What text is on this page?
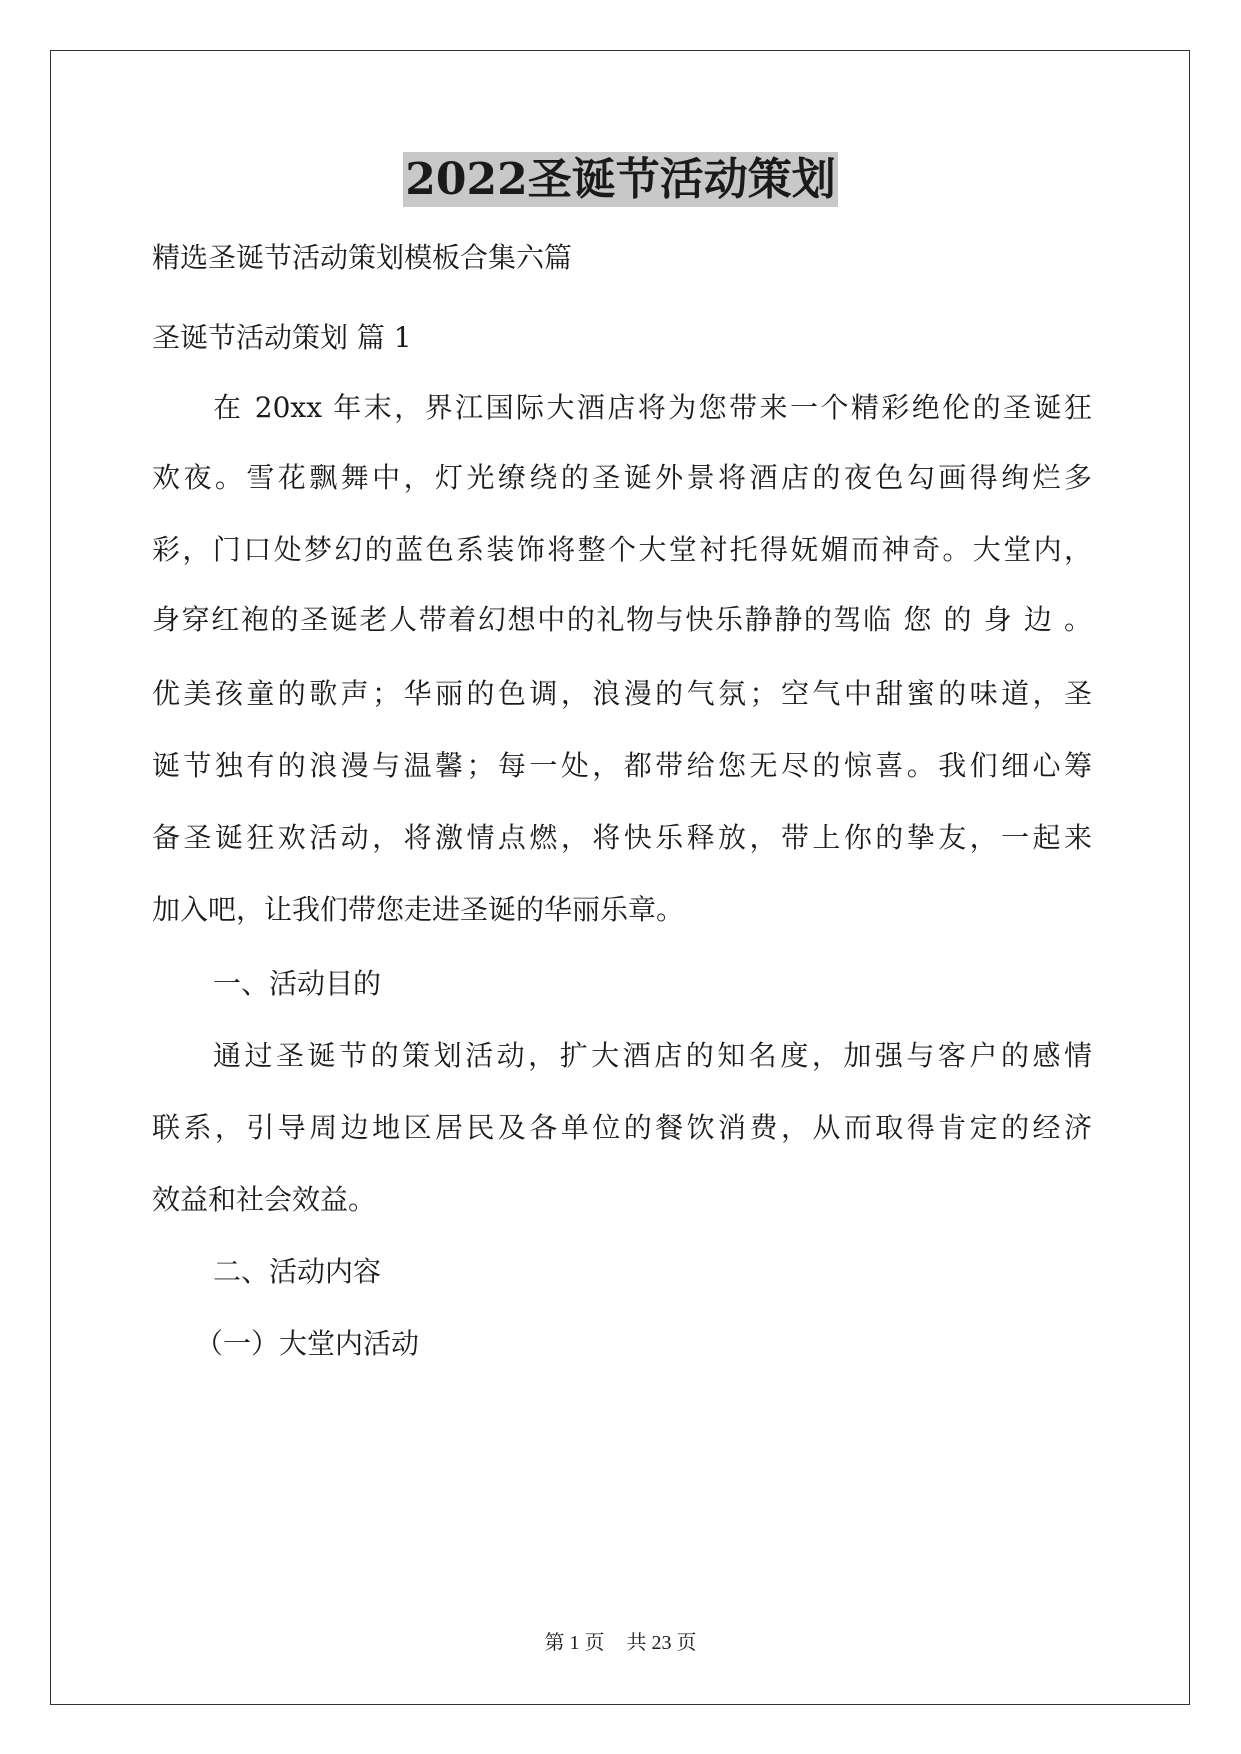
2022圣诞节活动策划

精选圣诞节活动策划模板合集六篇

圣诞节活动策划 篇 1

在 20xx 年末，界江国际大酒店将为您带来一个精彩绝伦的圣诞狂

欢夜。雪花飘舞中，灯光缭绕的圣诞外景将酒店的夜色勾画得绚烂多

彩，门口处梦幻的蓝色系装饰将整个大堂衬托得妩媚而神奇。大堂内，

身穿红袍的圣诞老人带着幻想中的礼物与快乐静静的驾临 您 的 身 边 。

优美孩童的歌声；华丽的色调，浪漫的气氛；空气中甜蜜的味道，圣

诞节独有的浪漫与温馨；每一处，都带给您无尽的惊喜。我们细心筹

备圣诞狂欢活动，将激情点燃，将快乐释放，带上你的挚友，一起来

加入吧，让我们带您走进圣诞的华丽乐章。

一、活动目的

通过圣诞节的策划活动，扩大酒店的知名度，加强与客户的感情

联系，引导周边地区居民及各单位的餐饮消费，从而取得肯定的经济

效益和社会效益。

二、活动内容

（一）大堂内活动

第 1 页 共 23 页
